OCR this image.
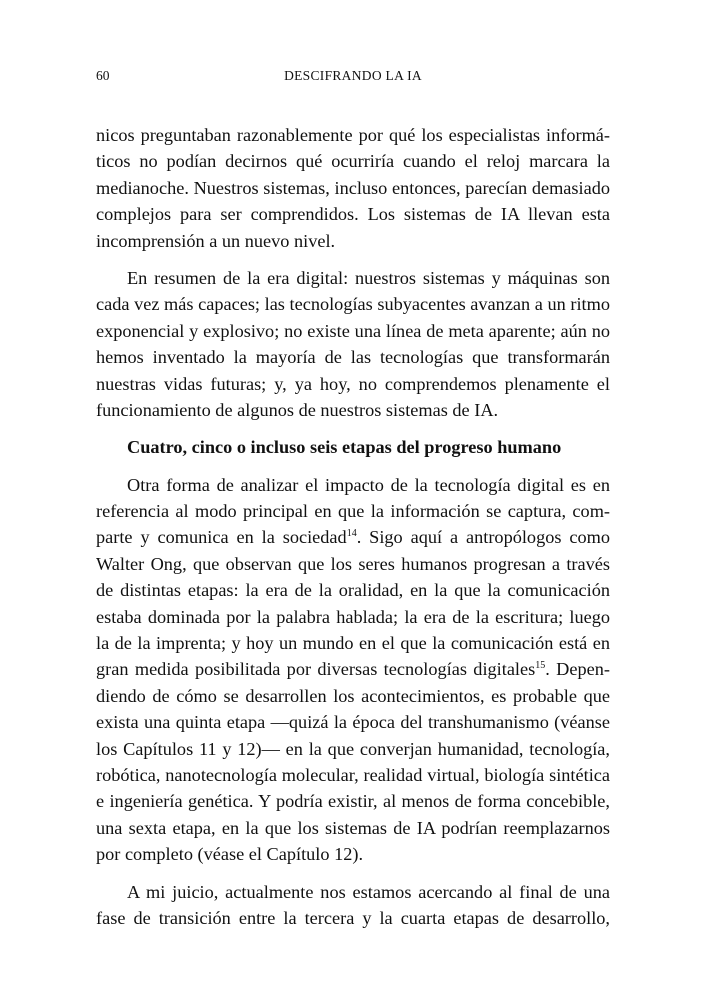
60	DESCIFRANDO LA IA
nicos preguntaban razonablemente por qué los especialistas informá-
ticos no podían decirnos qué ocurriría cuando el reloj marcara la
medianoche. Nuestros sistemas, incluso entonces, parecían demasiado
complejos para ser comprendidos. Los sistemas de IA llevan esta
incomprensión a un nuevo nivel.
En resumen de la era digital: nuestros sistemas y máquinas son
cada vez más capaces; las tecnologías subyacentes avanzan a un ritmo
exponencial y explosivo; no existe una línea de meta aparente; aún no
hemos inventado la mayoría de las tecnologías que transformarán
nuestras vidas futuras; y, ya hoy, no comprendemos plenamente el
funcionamiento de algunos de nuestros sistemas de IA.
Cuatro, cinco o incluso seis etapas del progreso humano
Otra forma de analizar el impacto de la tecnología digital es en
referencia al modo principal en que la información se captura, com-
parte y comunica en la sociedad$^{14}$. Sigo aquí a antropólogos como
Walter Ong, que observan que los seres humanos progresan a través
de distintas etapas: la era de la oralidad, en la que la comunicación
estaba dominada por la palabra hablada; la era de la escritura; luego
la de la imprenta; y hoy un mundo en el que la comunicación está en
gran medida posibilitada por diversas tecnologías digitales$^{15}$. Depen-
diendo de cómo se desarrollen los acontecimientos, es probable que
exista una quinta etapa —quizá la época del transhumanismo (véanse
los Capítulos 11 y 12)— en la que converjan humanidad, tecnología,
robótica, nanotecnología molecular, realidad virtual, biología sintética
e ingeniería genética. Y podría existir, al menos de forma concebible,
una sexta etapa, en la que los sistemas de IA podrían reemplazarnos
por completo (véase el Capítulo 12).
A mi juicio, actualmente nos estamos acercando al final de una
fase de transición entre la tercera y la cuarta etapas de desarrollo,
